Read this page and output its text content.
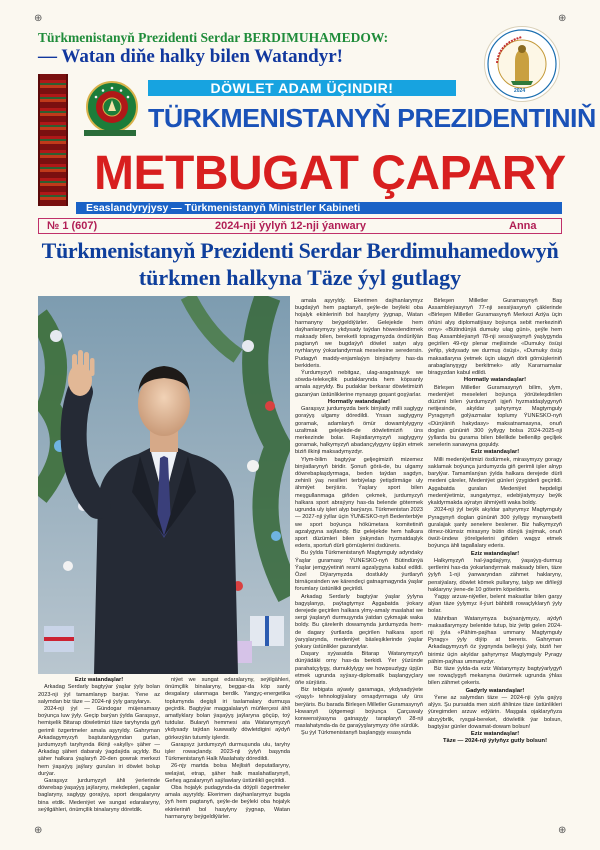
⊕	⊕
⊕	⊕
Türkmenistanyň Prezidenti Serdar BERDIMUHAMEDOW:
— Watan diňe halky bilen Watandyr!
2024
DÖWLET ADAM ÜÇINDIR!
TÜRKMENISTANYŇ PREZIDENTINIŇ
METBUGAT ÇAPARY
Esaslandyryjysy — Türkmenistanyň Ministrler Kabineti
№ 1 (607)	2024-nji ýylyň 12-nji ýanwary	Anna
Türkmenistanyň Prezidenti Serdar Berdimuhamedowyň
türkmen halkyna Täze ýyl gutlagy
Eziz watandaşlar!

Arkadag Serdarly bagtyýar ýaşlar ýyly bolan 2023-nji ýyl tamamlanyp barýar. Ýene az salymdan biz täze — 2024-nji ýyly garşylarys.

2024-nji ýyl — Gündogar müjenamasy boýunça luw ýyly. Geçip barýan ýylda Garaşsyz, hemişelik Bitarap döwletimizi täze taryhynda gyň gerimli özgertmeler amala aşyryldy. Gahryman Arkadagymyzyň baştutanlygyndan gurlan, jurdumyzyň taryhynda ilkinji «akylly» şäher — Arkadag şäheri dabaraly ýagdaýda açyldy. Bu şäher halkara ýaşlaryň 20-den gowrak merkezi hem ýaşaýyş jaýlary gurulan iri döwlet bolup durýar.

Garaşsyz jurdumyzyň ähli ýerlerinde döwrebap ýaşaýyş jaýlaryny, mekdepleri, çagalar baglaryny, saglygy goraýyş, sport desgalaryny bina etdik. Medeniýet we sungat edaralaryny, seýilgähleri, önümçilik binalaryny döretdik.

niýet we sungat edaralaryny, seýilgähleri, önümçilik binalaryny, beggar-da köp sanly desgalary ulanmaga berdik. Yangyç-energetika toplumynda degişli iri taslamalary durmuşa geçirdik. Bagtyýar maggalalaryň müňlerçesi ähli amatlyklary bolan ýaşaýyş jaýlaryna göçüp, toý tutdular. Bularyň hemmesi ata Watanymyzyň ykdysady taýdan kuwwatly döwletdigini aýdyň görkezýän tutumly işlerdir.

Garaşsyz jurdumyzyň durmuşunda ulu, taryhy işler rowaçlandy. 2023-nji ýylyň başynda Türkmenistanyň Halk Maslahaty döredildi.

26-njy martda bolsa Mejlisiň deputatlaryny, welaýat, etrap, şäher halk maslahatlarynyň, Geňeş agzalarynyň saýlawlary üstünlikli geçirildi.

Oba hojalyk pudagynda-da döýpli özgertmeler amala aşyryldy. Ekerimen daýhanlarymyz bugda ýyň hem pagtanyň, şeýle-de beýleki oba hojalyk ekinleriniň bol hasylyny ýygnap, Watan harmanyny beýgeldiýärler.

amala aşyryldy. Ekerimen daýhanlarymyz bugdaýyň hem pagtanyň, şeýle-de beýleki oba hojalyk ekinleriniň bol hasylyny ýygnap, Watan harmanyny beýgeldiýärler. Gelejekde hem daýhanlarymyzy ykdysady taýdan höweslendirmek maksady bilen, bereketli topragymyzda öndürilýän pagtanyň we bugdaýyň döwlet satyn alyş nyrhlaryny ýokarlandyrmak meselesine seredersin. Pudagyň maddy-enjamlaýyn binýadyny has-da berkideris.

Ýurdumyzyň nebitgaz, ulag-aragatnaşyk we söwda-telekeçilik pudaklarynda hem köpsanly amala aşyryldy. Bu pudaklar berkarar döwletimiziň gazanýan üstünliklerine mynasyp goşant goşýarlar.

Hormatly watandaşlar!

Garaşsyz jurdumyzda berk binýatly milli saglygy goraýyş ulgamy döredildi. Ynsan saglygyny goramak, adamlaryň ömür dowamlylygyny uzaltmak gelejekde-de döwletimiziň üns merkezinde bolar. Raýatlarymyzyň saglygyny goramak, halkymyzyň abadançylygyny üpjün etmek biziň ilkinji maksadymyzdyr.

Ylym-bilim bagtyýar geljegimiziň mizemez binýatlarynyň biridir. Şonuň görä-de, bu ulgamy döwrebaplaşdyrmaga, beden taýdan sagdyn, zehinli ýaş nesilleri terbiýelap ýetişdirmäge uly ähmiýet berýäris. Ýaşlary sport bilen meşgullanmaga giňden çekmek, jurdumyzyň halkara sport abraýyny has-da belende götermek ugrunda uly işleri alyp barýarys. Türkmenistan 2023 — 2027-nji ýyllar üçin ÝUNESKO-nyň Bedenterbiýe we sport boýunça hökümetara komitetiniň agzalygyna saýlandy. Biz gelejekde hem halkara sport düzümleri bilen ýakyndan hyzmatdaşlyk ederis, sportuň dürli görnüşlerini ösdüreris.

Bu ýylda Türkmenistanyň Magtymguly adyndaky Ýaşlar guramasy ÝUNESKO-nyň Bütindünýä Ýaşlar jemgyýetiniň resmi agzalygyna kabul edildi. Özel Diýarymyzda dostlukly ýurtlaryň birnäçesinden we kärendeçi gatnaşmagynda ýaşlar forumlary üstünlikli geçirildi.

Arkadag Serdarly bagtyýar ýaşlar ýylyna bagyşlanyp, paýtagtymyz Aşgabatda ýokary derejede geçirilen halkara ylmy-amaly maslahat we sergi ýaşlaryň durmuşynda ýatdan çykmajak waka boldy. Bu çärelerih dowamynda jurdumyzda hem-de dagary ýurtlarda geçirilen halkara sport ýaryşlarynda, medeniýet bäsleşiklerinde ýaşlar ýokary üstünlikler gazandylar.

Daşary syýasatda Bitarap Watanymyzyň dünýädäki orny has-da berkidi. Ýer ýüzünde parahatçylygy, durnuklylygy we howpsuzlygy üpjün etmek ugrunda syýasy-diplomatik başlangyçlary öňe sürýäris.

Biz tebigata aýawly garamaga, ykdysadyýete «ýaşyl» tehnologiýalary ornaşdyrmaga uly üns berýäris. Bu barada Birleşen Milletler Guramasynyň Howanyň üýtgemegi boýunça Çarçuwaly konwensiýasyna gatnaşyjy taraplaryň 28-nji maslahatynda-da öz garaýyşlarymyzy öňe sürdük.

Şu ýyl Türkmenistanyň başlangyjy esasynda

Birleşen Milletler Guramasynyň Baş Assambleýasynyň 77-nji sessiýasynyň çäklerinde «Birleşen Milletler Guramasynyň Merkezi Aziýa üçin öňüni alyş diplomatiýasy boýunça sebit merkeziniň orny» «Bütindünýä dumuky ulag güni», şeýle hem Baş Assambleýanyň 78-nji sessiýasynyň ýaşlygynda geçirilen 49-njy plenar mejlisinde «Dumuky ösüşi ýeňip, ykdysady we durmuş ösüşi», «Dumuky ösüş maksatlaryna ýetmek üçin ulagyň dörli görnüşleriniň arabaglanyşygy berkitmek» atly Kararnamalar biragyzdan kabul edildi.

Hormatly watandaşlar!

Birleşen Milletler Guramasynyň bilim, ylym, medeniýet meseleleri boýunça ýörüteleşdirilen düzümi bilen ýurdumyzyň işjeň hyzmatdaşlygynyň netijesinde, akyldar şahyrymyz Magtymguly Pyragynyň golýazmalar toplumy ÝUNESKO-nyň «Dünýäniň hakydasy» maksatnamasyna, onuň doglan gününiň 300 ýyllygy bolsa 2024-2025-nji ýyllarda bu gurama bilen bilelikde bellenilip geçiljek senelerin sanawyna goşuldy.

Eziz watandaşlar!

Milli medeniýetimizi ösdürmek, mirasymyzy goragy saklamak boýunça jurdumyzda giň gerimli işler alnyp barylýar. Tamamlanýan ýylda halkara derejede dürli medeni çäreler, Medeniýet günleri ýzygiderli geçirildi. Aşgabatda guralan Medeniýet hepdeligi medeniýetimiz, sungatymyz, edebiýatymyzy beýik ykaldyrmakda aýratyn ähmiýetli waka boldy.

2024-nji ýyl beýik akyldar şahyrymyz Magtymguly Pyragynyň doglan gününiň 300 ýyllygy mynasybetli guralajak şanly senelere beslener. Biz halkymyzyň ölmez-ölümsiz mirasyny bütin dünýä ýaýmak, onuň öwüt-ündew ýörelgelerini giňden wagyz etmek boýunça ähli tagallalary ederis.

Eziz watandaşlar!

Halkymyzyň hal-ýagdaýyny, ýaşaýyş-durmuş şertlerini has-da ýokarlandyrmak maksady bilen, täze ýylyň 1-nji ýanwaryndan zähmet haklaryny, pensiýalary, döwlet kömek pullaryny, talyp we diňleýji haklaryny ýene-de 10 göterim köpelderis.

Ýagşy arzuw-niýetler, belent maksatlar bilen garşy alýan täze ýylymyz il-ýurt bähbitli rowaçlyklaryň ýyly bolar.

Mähriban Watanymyza buýsanjymyzy, aýdyň maksatlarymyzy belentde tutup, biz ýetip gelen 2024-nji ýyla «Pähim-paýhas ummany Magtymguly Pyragy» ýyly diýip at bereris. Gahryman Arkadagymyzyň öz ýygnynda belleýşi ýaly, biziň her birimiz üçin akyldar şahyrymyz Magtymguly Pyragy pähim-paýhas ummanydyr.

Biz täze ýylda-da eziz Watanymyzy bagtyýarlygyň we rowaçlygyň mekanyna öwürmek ugrunda ýhlas bilen zähmet çekeris.

Gadyrly watandaşlar!

Ýene az salymdan täze — 2024-nji ýyla gaýyş alýys. Şu pursatda men siziň ählinize täze üstünlikleri ýüregimden arzuw edýärin. Maşgala ojaklaryňyza abzyýbrlik, rysgal-bereket, döwletlik ýar bolsun, bagtyýar günler dowamat-dowam bolsun!

Eziz watandaşlar!
Täze — 2024-nji ýylyňyz gutly bolsun!
